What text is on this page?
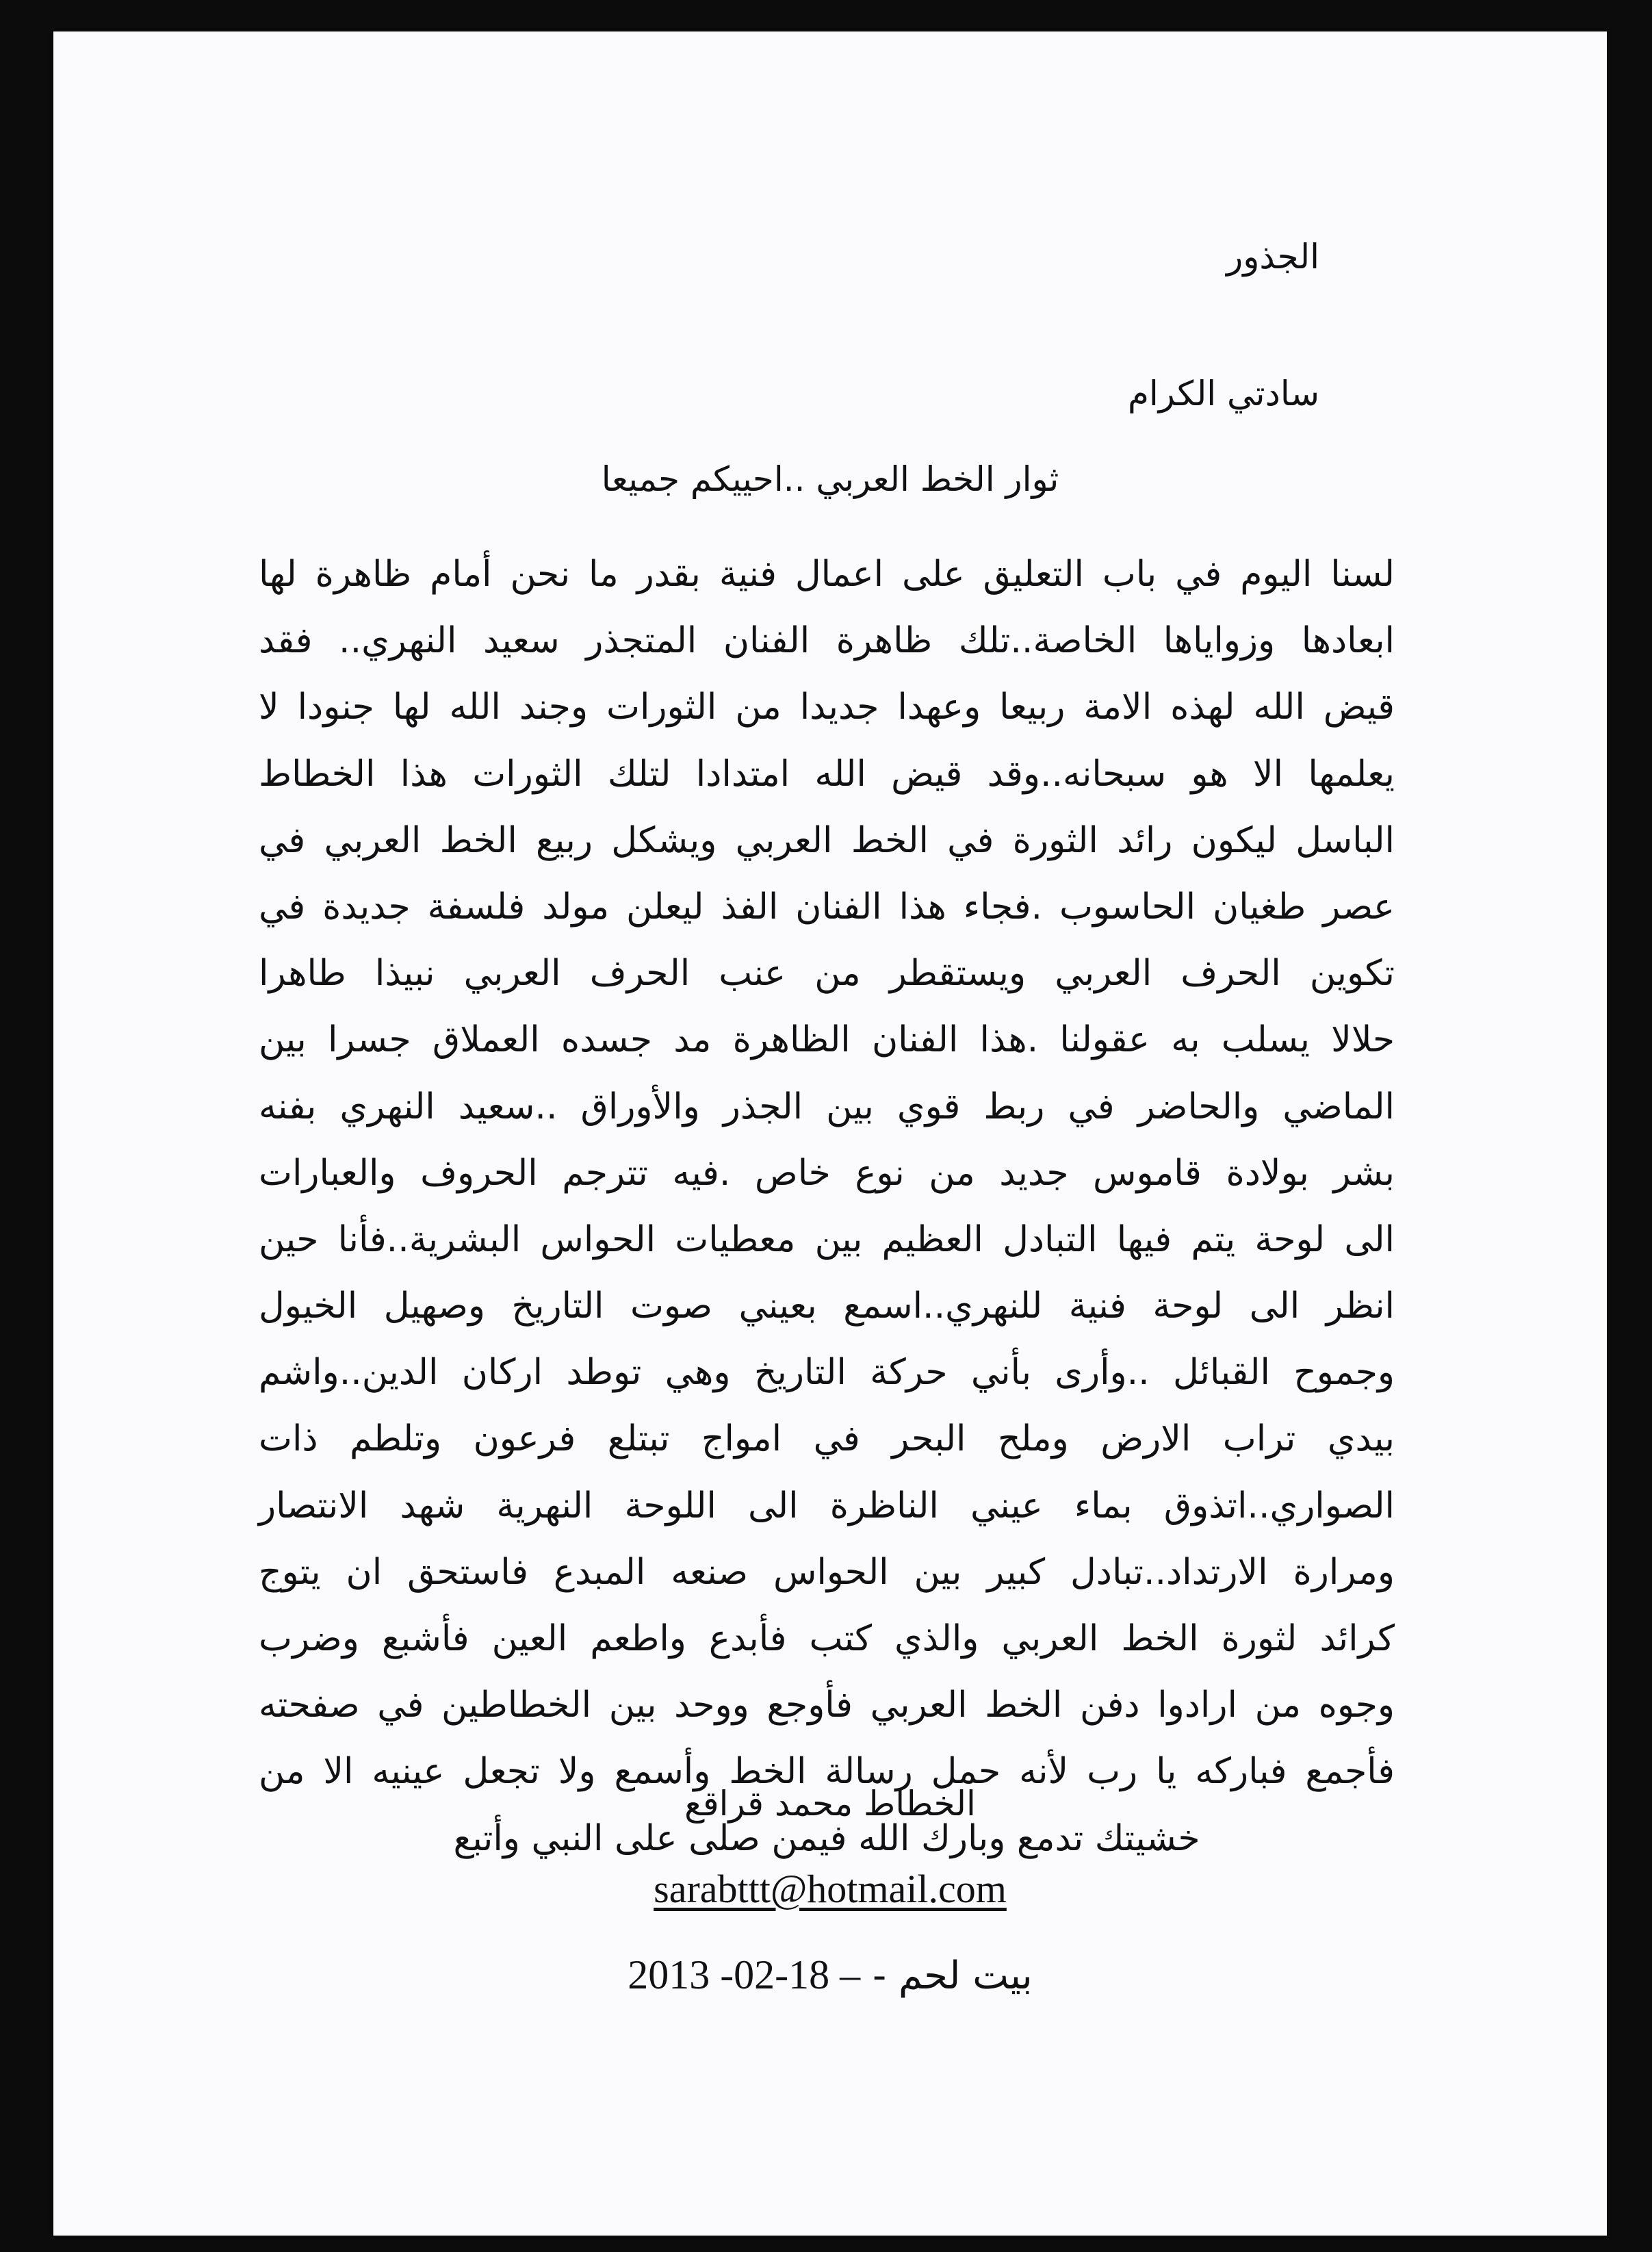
الجذور
سادتي الكرام
ثوار الخط العربي ..احييكم جميعا
لسنا اليوم في باب التعليق على اعمال فنية بقدر ما نحن أمام ظاهرة لها
ابعادها وزواياها الخاصة..تلك ظاهرة الفنان المتجذر سعيد النهري.. فقد
قيض الله لهذه الامة ربيعا وعهدا جديدا من الثورات وجند الله لها جنودا لا
يعلمها الا هو سبحانه..وقد قيض الله امتدادا لتلك الثورات هذا الخطاط
الباسل ليكون رائد الثورة في الخط العربي ويشكل ربيع الخط العربي في
عصر طغيان الحاسوب .فجاء هذا الفنان الفذ ليعلن مولد فلسفة جديدة في
تكوين الحرف العربي ويستقطر من عنب الحرف العربي نبيذا طاهرا
حلالا يسلب به عقولنا .هذا الفنان الظاهرة مد جسده العملاق جسرا بين
الماضي والحاضر في ربط قوي بين الجذر والأوراق ..سعيد النهري بفنه
بشر بولادة قاموس جديد من نوع خاص .فيه تترجم الحروف والعبارات
الى لوحة يتم فيها التبادل العظيم بين معطيات الحواس البشرية..فأنا حين
انظر الى لوحة فنية للنهري..اسمع بعيني صوت التاريخ وصهيل الخيول
وجموح القبائل ..وأرى بأني حركة التاريخ وهي توطد اركان الدين..واشم
بيدي تراب الارض وملح البحر في امواج تبتلع فرعون وتلطم ذات
الصواري..اتذوق بماء عيني الناظرة الى اللوحة النهرية شهد الانتصار
ومرارة الارتداد..تبادل كبير بين الحواس صنعه المبدع فاستحق ان يتوج
كرائد لثورة الخط العربي والذي كتب فأبدع واطعم العين فأشبع وضرب
وجوه من ارادوا دفن الخط العربي فأوجع ووحد بين الخطاطين في صفحته
فأجمع فباركه يا رب لأنه حمل رسالة الخط وأسمع ولا تجعل عينيه الا من
خشيتك تدمع وبارك الله فيمن صلى على النبي وأتبع
الخطاط محمد قراقع
sarabttt@hotmail.com
بيت لحم - 2013 -02-18 –
